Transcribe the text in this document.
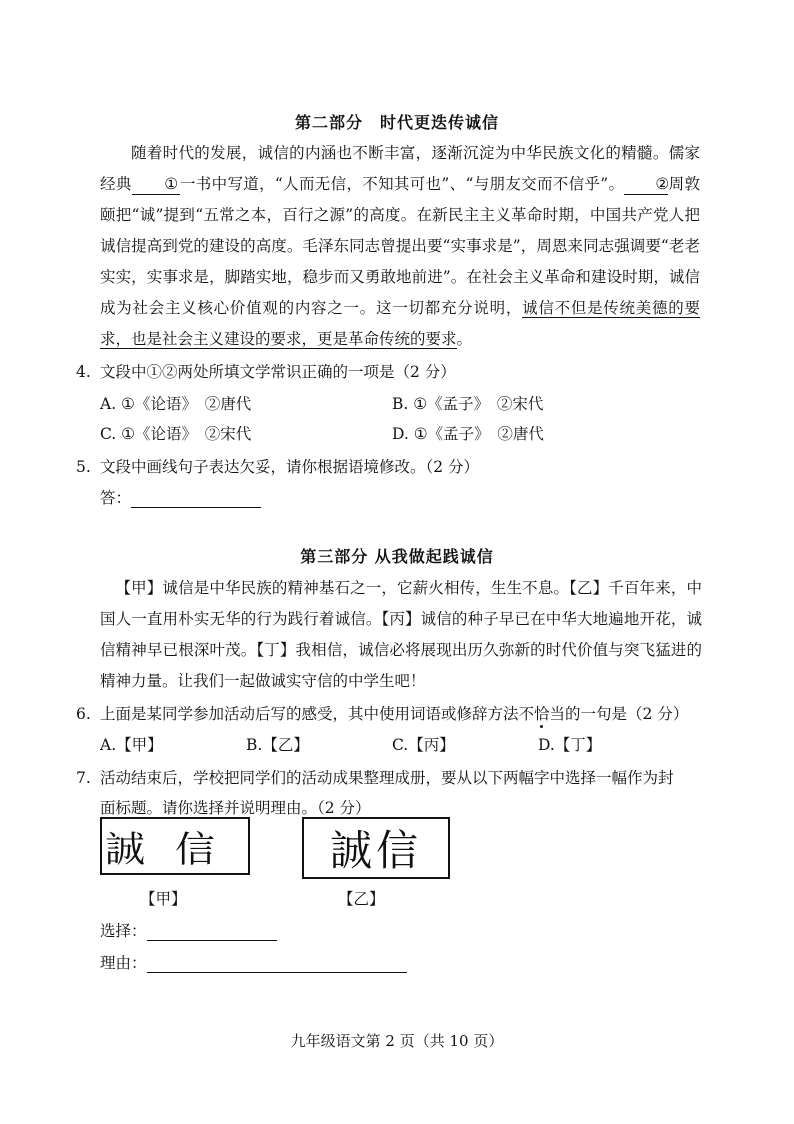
第二部分　时代更迭传诚信

随着时代的发展，诚信的内涵也不断丰富，逐渐沉淀为中华民族文化的精髓。儒家经典 ①一书中写道，“人而无信，不知其可也”、“与朋友交而不信乎”。 ②周敦颐把“诚”提到“五常之本，百行之源”的高度。在新民主主义革命时期，中国共产党人把诚信提高到党的建设的高度。毛泽东同志曾提出要“实事求是”，周恩来同志强调要“老老实实，实事求是，脚踏实地，稳步而又勇敢地前进”。在社会主义革命和建设时期，诚信成为社会主义核心价值观的内容之一。这一切都充分说明，诚信不但是传统美德的要求，也是社会主义建设的要求，更是革命传统的要求。

4. 文段中①②两处所填文学常识正确的一项是（2 分）
A. ①《论语》　②唐代	B. ①《孟子》　②宋代
C. ①《论语》　②宋代	D. ①《孟子》　②唐代
5. 文段中画线句子表达欠妥，请你根据语境修改。（2 分）
答：
第三部分 从我做起践诚信

【甲】诚信是中华民族的精神基石之一，它薪火相传，生生不息。【乙】千百年来，中国人一直用朴实无华的行为践行着诚信。【丙】诚信的种子早已在中华大地遍地开花，诚信精神早已根深叶茂。【丁】我相信，诚信必将展现出历久弥新的时代价值与突飞猛进的精神力量。让我们一起做诚实守信的中学生吧！

6. 上面是某同学参加活动后写的感受，其中使用词语或修辞方法不恰当的一句是（2 分）
A.【甲】	B.【乙】	C.【丙】	D.【丁】
7. 活动结束后，学校把同学们的活动成果整理成册，要从以下两幅字中选择一幅作为封
面标题。请你选择并说明理由。（2 分）
誠信 誠信
【甲】	【乙】
选择：
理由：
九年级语文第 2 页（共 10 页）
